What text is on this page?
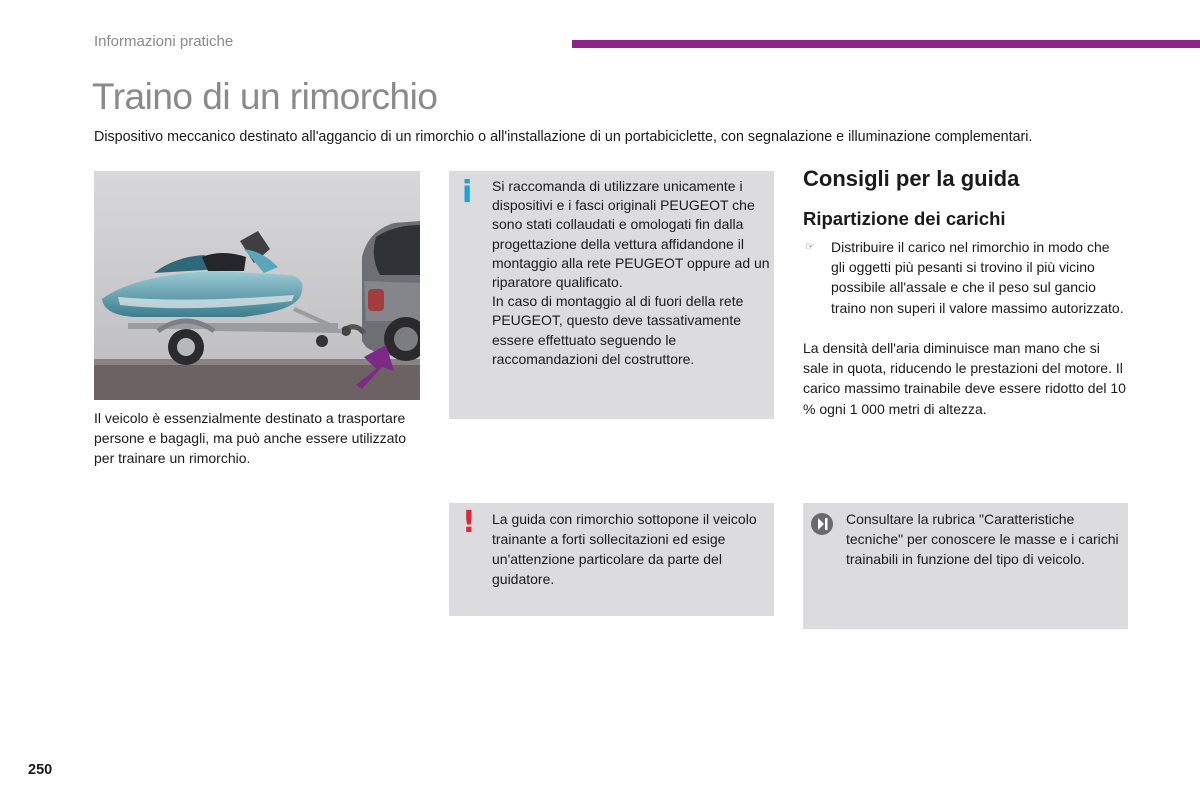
Informazioni pratiche
Traino di un rimorchio
Dispositivo meccanico destinato all'aggancio di un rimorchio o all'installazione di un portabiciclette, con segnalazione e illuminazione complementari.
Il veicolo è essenzialmente destinato a trasportare persone e bagagli, ma può anche essere utilizzato per trainare un rimorchio.
i Si raccomanda di utilizzare unicamente i dispositivi e i fasci originali PEUGEOT che sono stati collaudati e omologati fin dalla progettazione della vettura affidandone il montaggio alla rete PEUGEOT oppure ad un riparatore qualificato.
In caso di montaggio al di fuori della rete PEUGEOT, questo deve tassativamente essere effettuato seguendo le raccomandazioni del costruttore.
! La guida con rimorchio sottopone il veicolo trainante a forti sollecitazioni ed esige un'attenzione particolare da parte del guidatore.
Consigli per la guida
Ripartizione dei carichi
☞ Distribuire il carico nel rimorchio in modo che gli oggetti più pesanti si trovino il più vicino possibile all'assale e che il peso sul gancio traino non superi il valore massimo autorizzato.
La densità dell'aria diminuisce man mano che si sale in quota, riducendo le prestazioni del motore. Il carico massimo trainabile deve essere ridotto del 10 % ogni 1 000 metri di altezza.
Consultare la rubrica "Caratteristiche tecniche" per conoscere le masse e i carichi trainabili in funzione del tipo di veicolo.
250
